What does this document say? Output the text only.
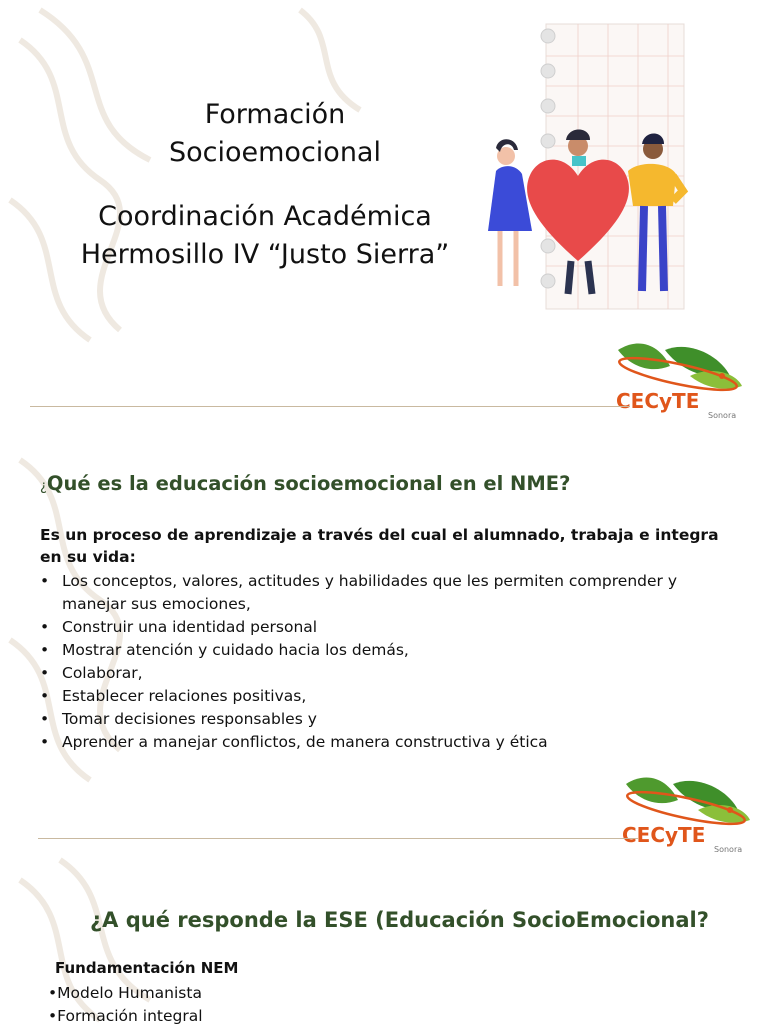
Formación Socioemocional
Coordinación Académica
Hermosillo IV “Justo Sierra”
CECyTE
Sonora
¿Qué es la educación socioemocional en el NME?
Es un proceso de aprendizaje a través del cual el alumnado, trabaja e integra en su vida:
• Los conceptos, valores, actitudes y habilidades que les permiten comprender y manejar sus emociones,
• Construir una identidad personal
• Mostrar atención y cuidado hacia los demás,
• Colaborar,
• Establecer relaciones positivas,
• Tomar decisiones responsables y
• Aprender a manejar conflictos, de manera constructiva y ética
CECyTE
Sonora
¿A qué responde la ESE (Educación SocioEmocional?
Fundamentación NEM
• Modelo Humanista
• Formación integral
